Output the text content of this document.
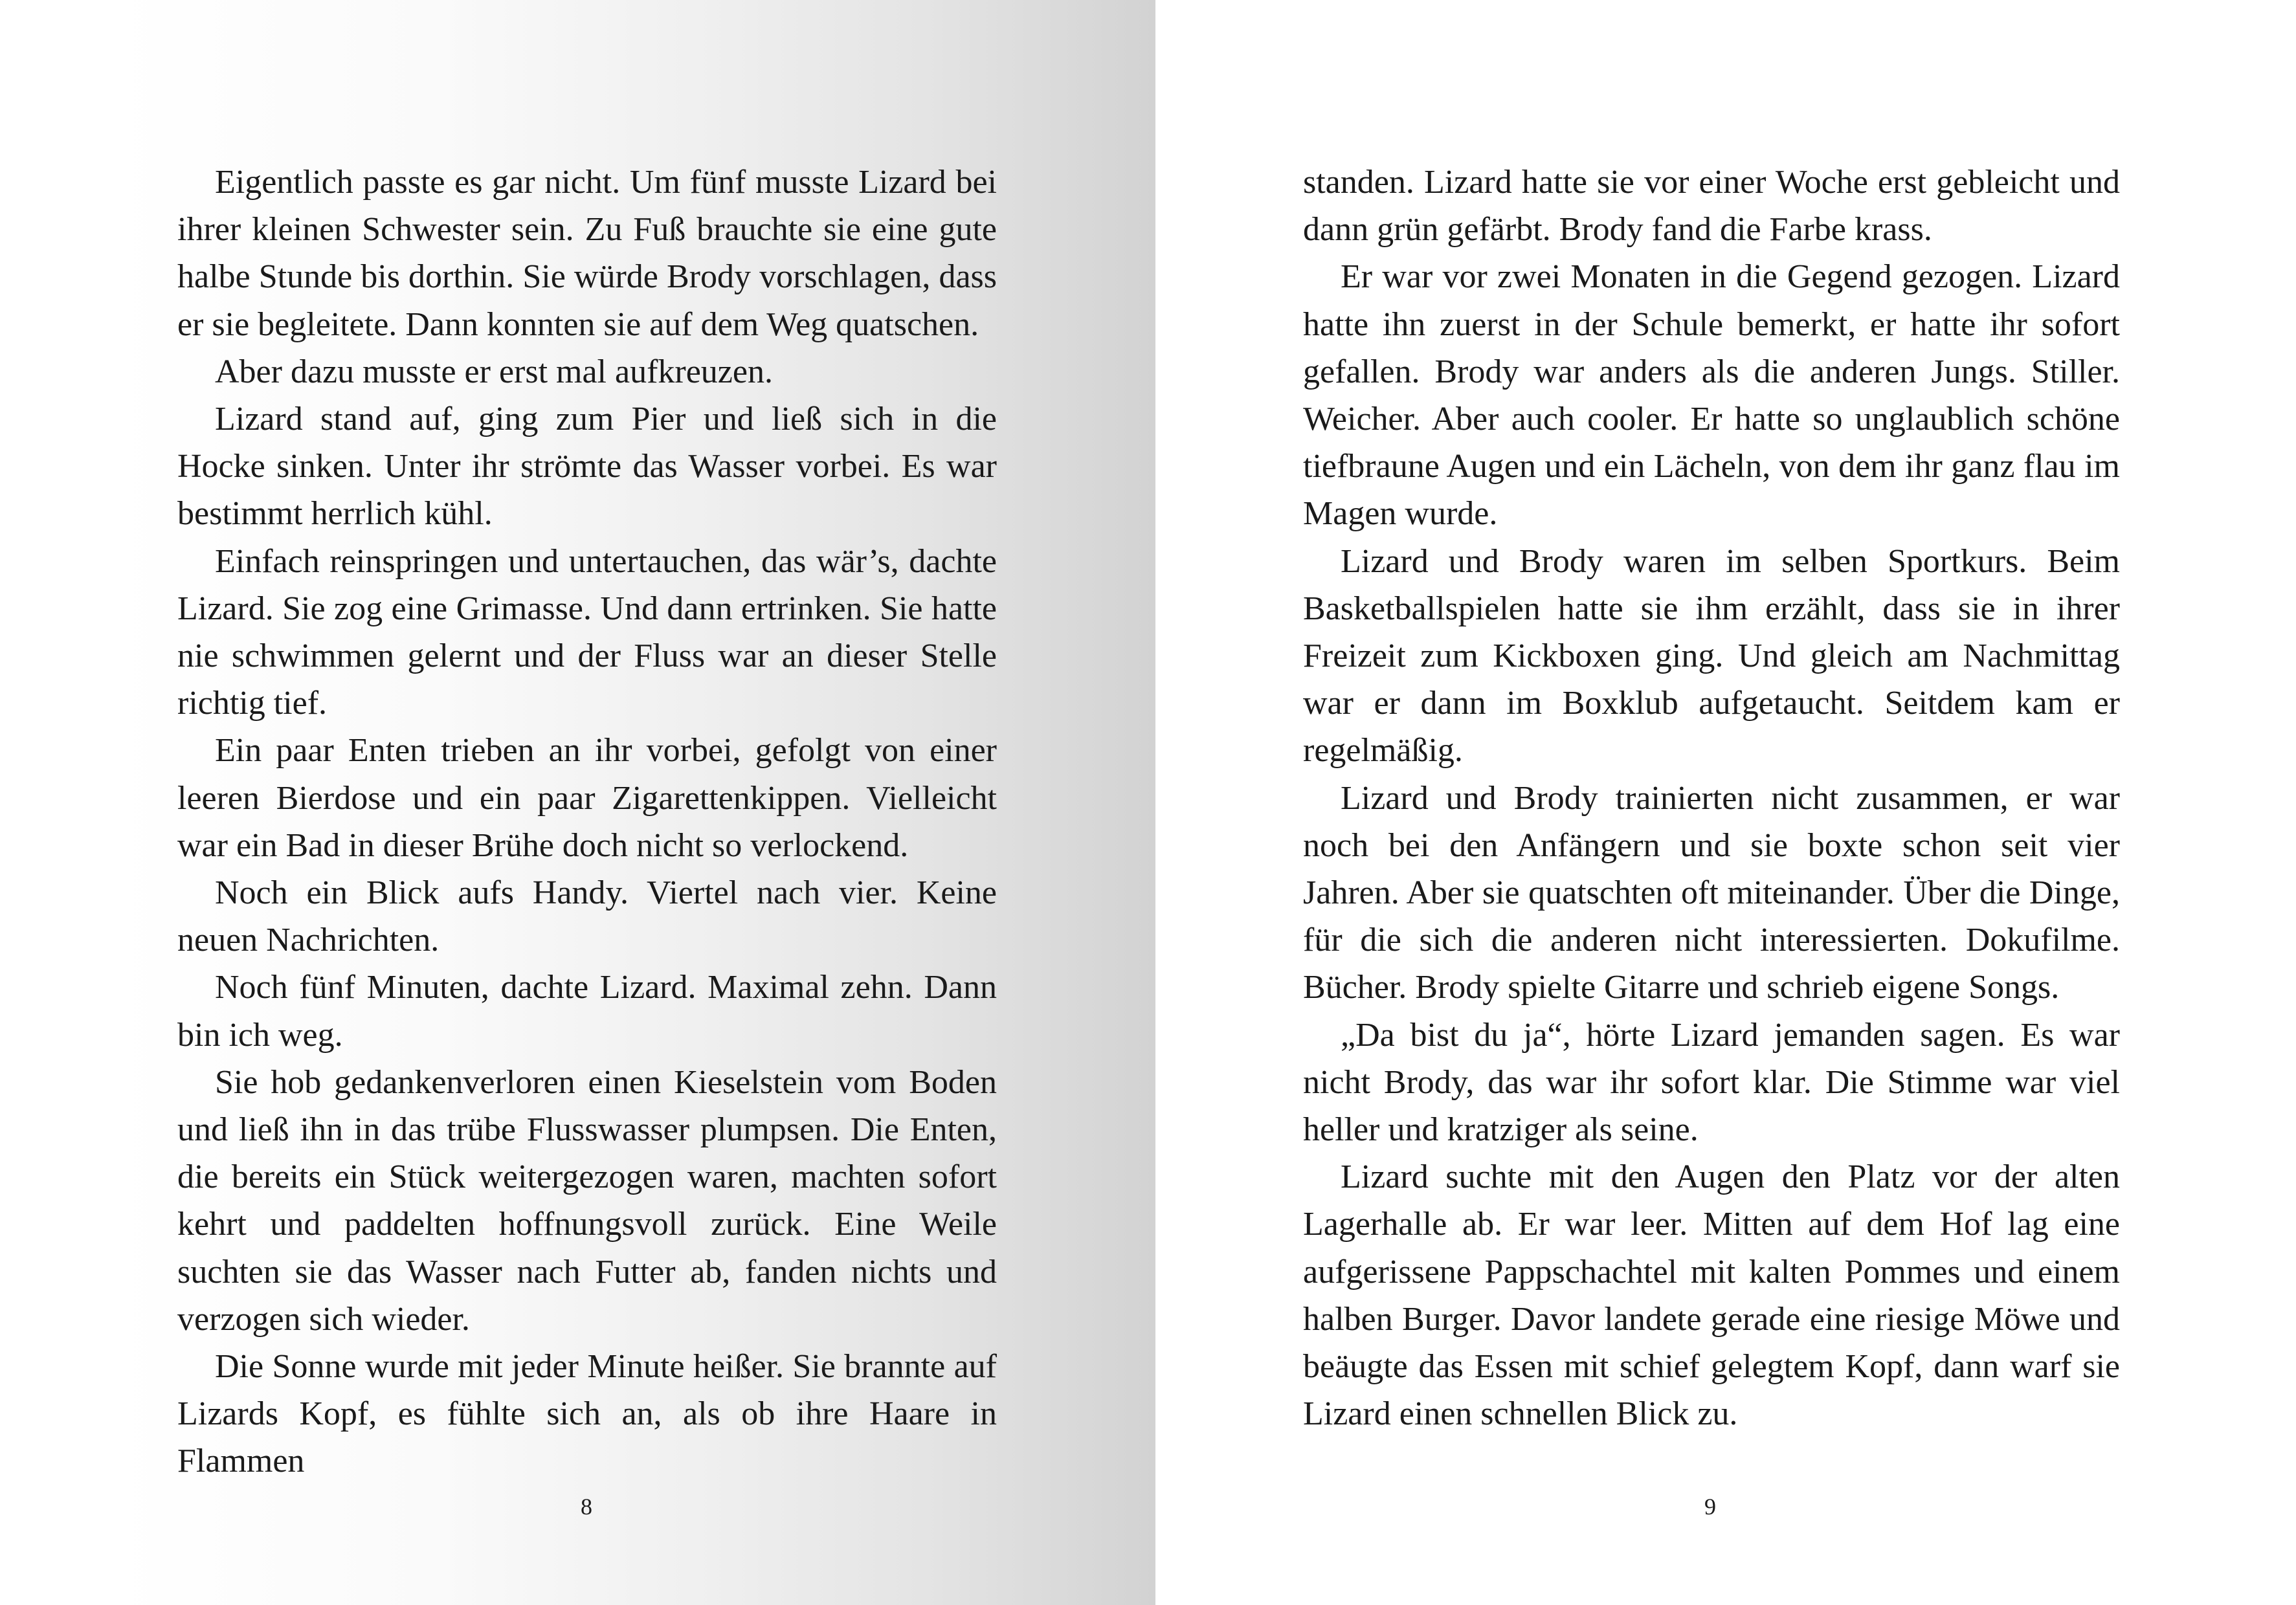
Eigentlich passte es gar nicht. Um fünf musste Lizard bei ihrer kleinen Schwester sein. Zu Fuß brauchte sie eine gute halbe Stunde bis dorthin. Sie würde Brody vorschlagen, dass er sie begleitete. Dann konnten sie auf dem Weg quatschen.

Aber dazu musste er erst mal aufkreuzen.

Lizard stand auf, ging zum Pier und ließ sich in die Hocke sinken. Unter ihr strömte das Wasser vorbei. Es war bestimmt herrlich kühl.

Einfach reinspringen und untertauchen, das wär’s, dachte Lizard. Sie zog eine Grimasse. Und dann ertrinken. Sie hatte nie schwimmen gelernt und der Fluss war an dieser Stelle richtig tief.

Ein paar Enten trieben an ihr vorbei, gefolgt von einer leeren Bierdose und ein paar Zigarettenkippen. Vielleicht war ein Bad in dieser Brühe doch nicht so verlockend.

Noch ein Blick aufs Handy. Viertel nach vier. Keine neuen Nachrichten.

Noch fünf Minuten, dachte Lizard. Maximal zehn. Dann bin ich weg.

Sie hob gedankenverloren einen Kieselstein vom Boden und ließ ihn in das trübe Flusswasser plumpsen. Die Enten, die bereits ein Stück weitergezogen waren, machten sofort kehrt und paddelten hoffnungsvoll zurück. Eine Weile suchten sie das Wasser nach Futter ab, fanden nichts und verzogen sich wieder.

Die Sonne wurde mit jeder Minute heißer. Sie brannte auf Lizards Kopf, es fühlte sich an, als ob ihre Haare in Flammen

8

standen. Lizard hatte sie vor einer Woche erst gebleicht und dann grün gefärbt. Brody fand die Farbe krass.

Er war vor zwei Monaten in die Gegend gezogen. Lizard hatte ihn zuerst in der Schule bemerkt, er hatte ihr sofort gefallen. Brody war anders als die anderen Jungs. Stiller. Weicher. Aber auch cooler. Er hatte so unglaublich schöne tiefbraune Augen und ein Lächeln, von dem ihr ganz flau im Magen wurde.

Lizard und Brody waren im selben Sportkurs. Beim Basketballspielen hatte sie ihm erzählt, dass sie in ihrer Freizeit zum Kickboxen ging. Und gleich am Nachmittag war er dann im Boxklub aufgetaucht. Seitdem kam er regelmäßig.

Lizard und Brody trainierten nicht zusammen, er war noch bei den Anfängern und sie boxte schon seit vier Jahren. Aber sie quatschten oft miteinander. Über die Dinge, für die sich die anderen nicht interessierten. Dokufilme. Bücher. Brody spielte Gitarre und schrieb eigene Songs.

„Da bist du ja“, hörte Lizard jemanden sagen. Es war nicht Brody, das war ihr sofort klar. Die Stimme war viel heller und kratziger als seine.

Lizard suchte mit den Augen den Platz vor der alten Lagerhalle ab. Er war leer. Mitten auf dem Hof lag eine aufgerissene Pappschachtel mit kalten Pommes und einem halben Burger. Davor landete gerade eine riesige Möwe und beäugte das Essen mit schief gelegtem Kopf, dann warf sie Lizard einen schnellen Blick zu.

9
